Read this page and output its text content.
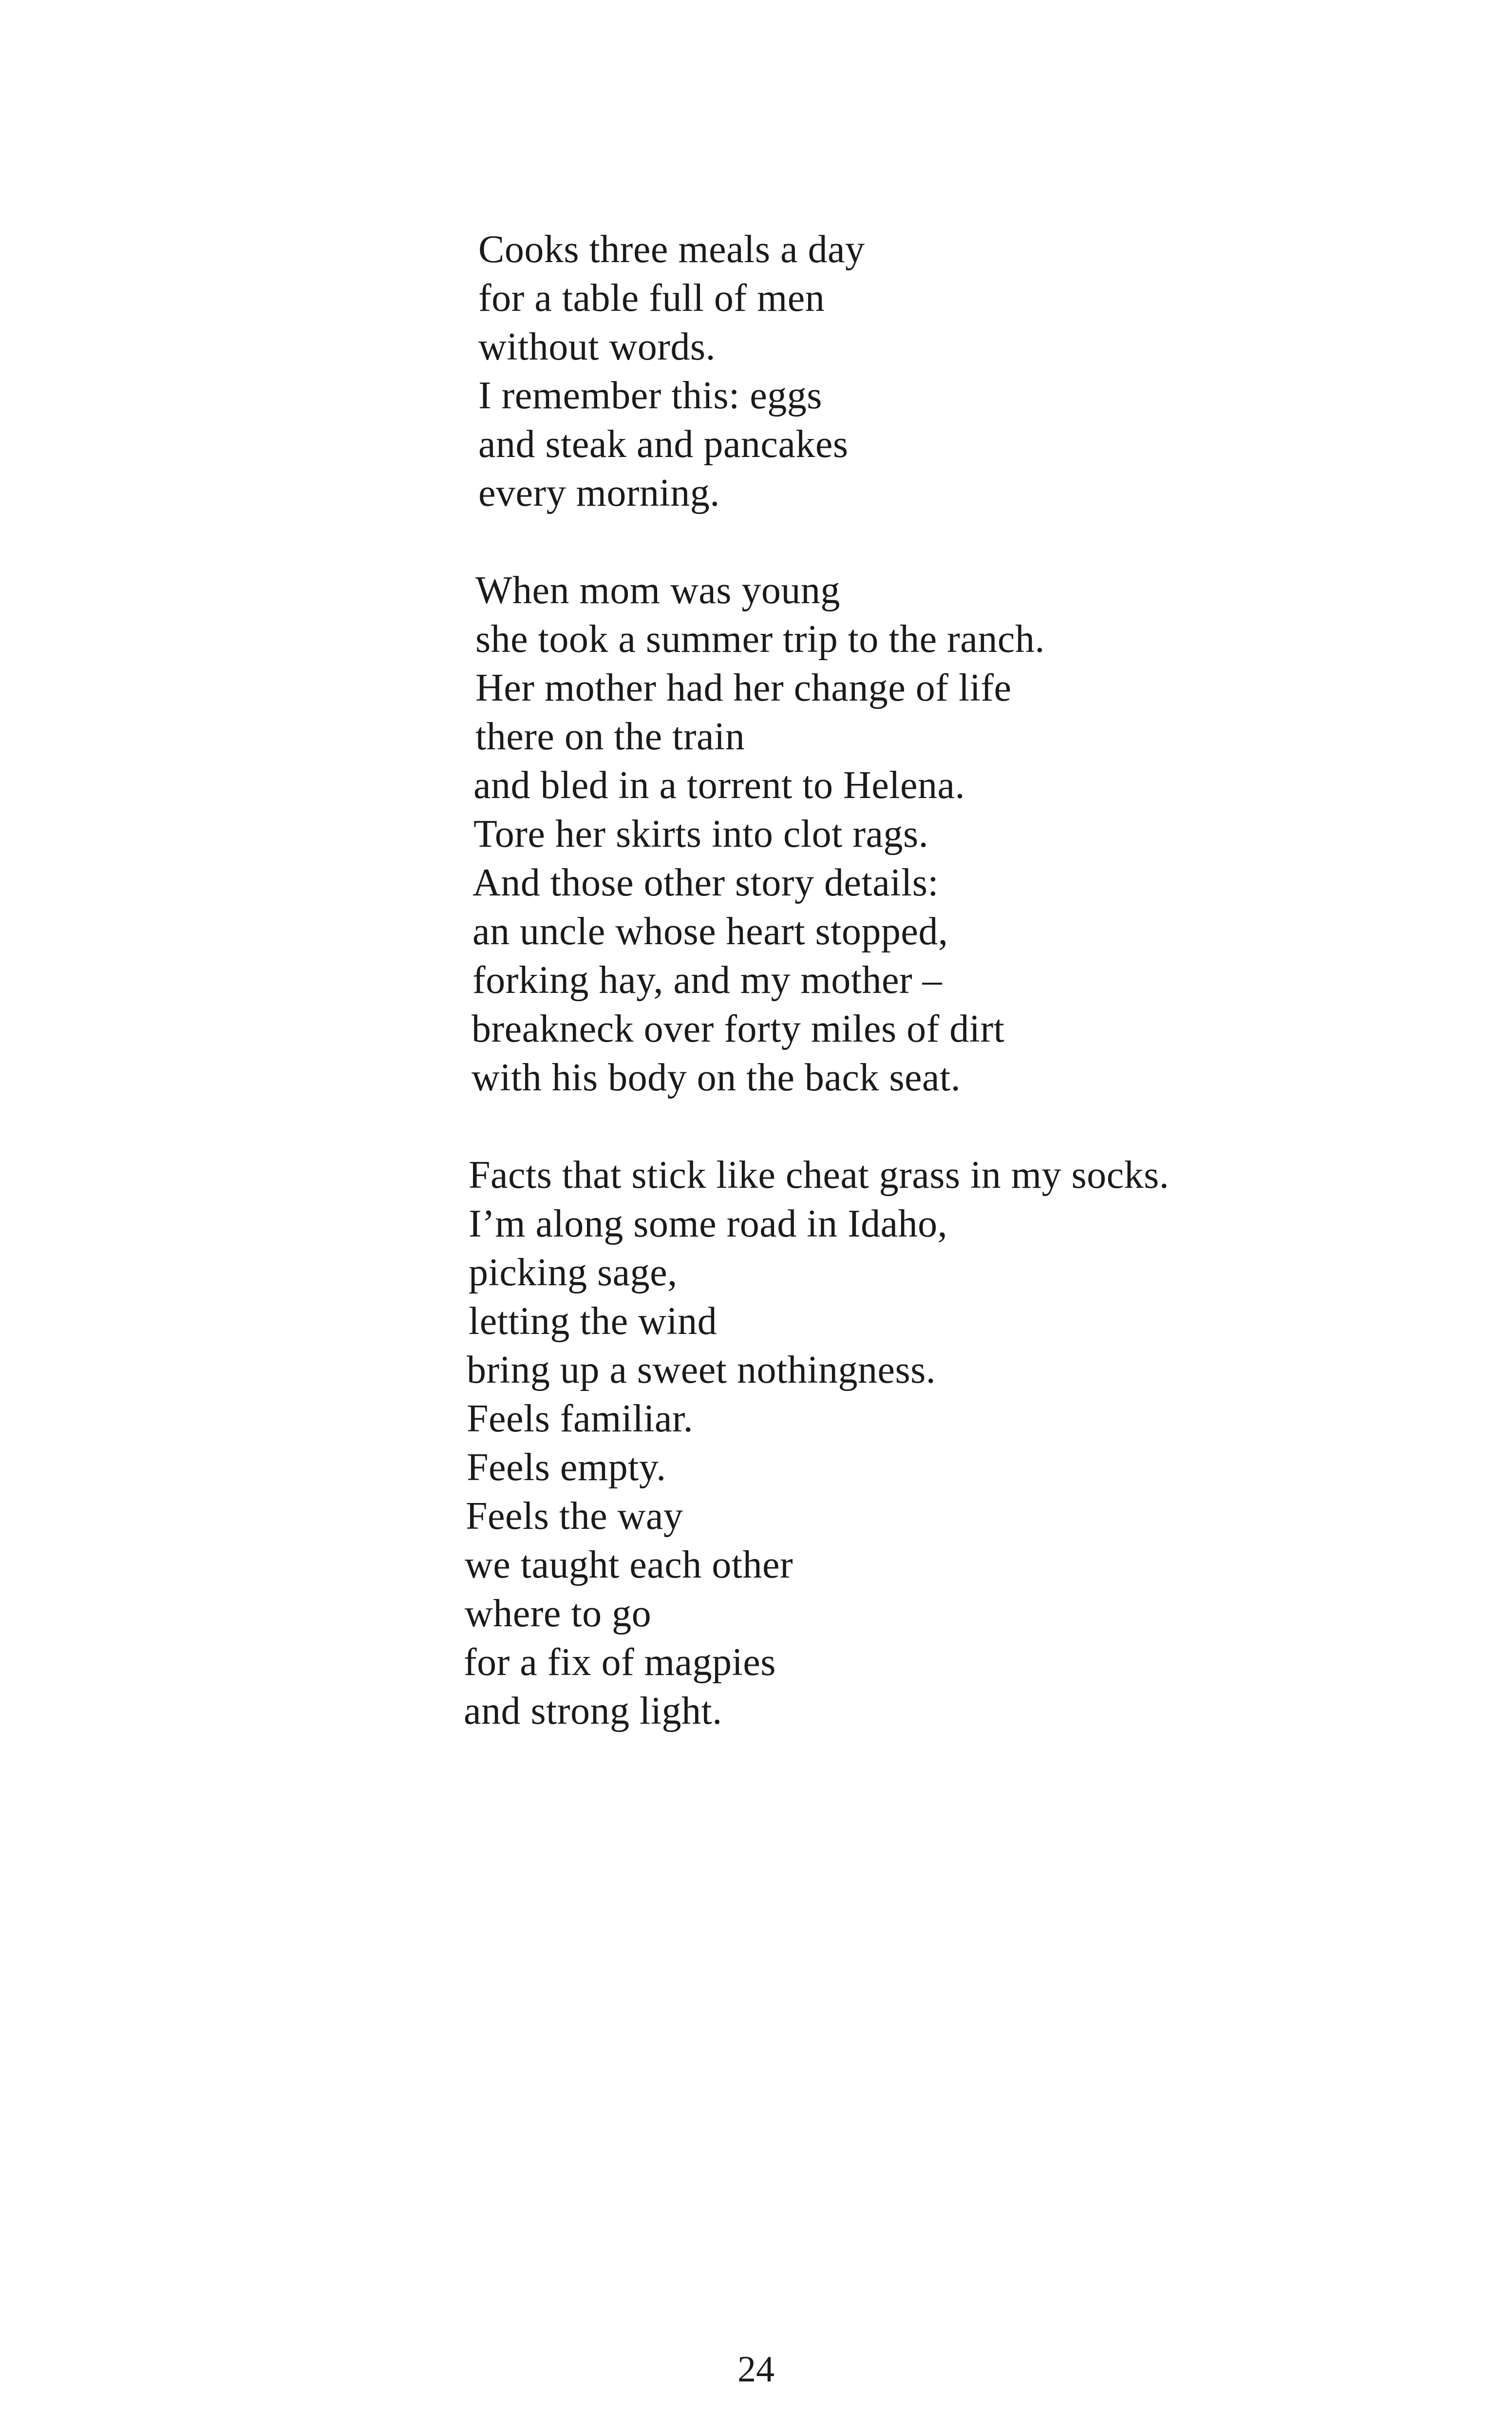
Cooks three meals a day
for a table full of men
without words.
I remember this: eggs
and steak and pancakes
every morning.
When mom was young
she took a summer trip to the ranch.
Her mother had her change of life
there on the train
and bled in a torrent to Helena.
Tore her skirts into clot rags.
And those other story details:
an uncle whose heart stopped,
forking hay, and my mother –
breakneck over forty miles of dirt
with his body on the back seat.
Facts that stick like cheat grass in my socks.
I’m along some road in Idaho,
picking sage,
letting the wind
bring up a sweet nothingness.
Feels familiar.
Feels empty.
Feels the way
we taught each other
where to go
for a fix of magpies
and strong light.
24
